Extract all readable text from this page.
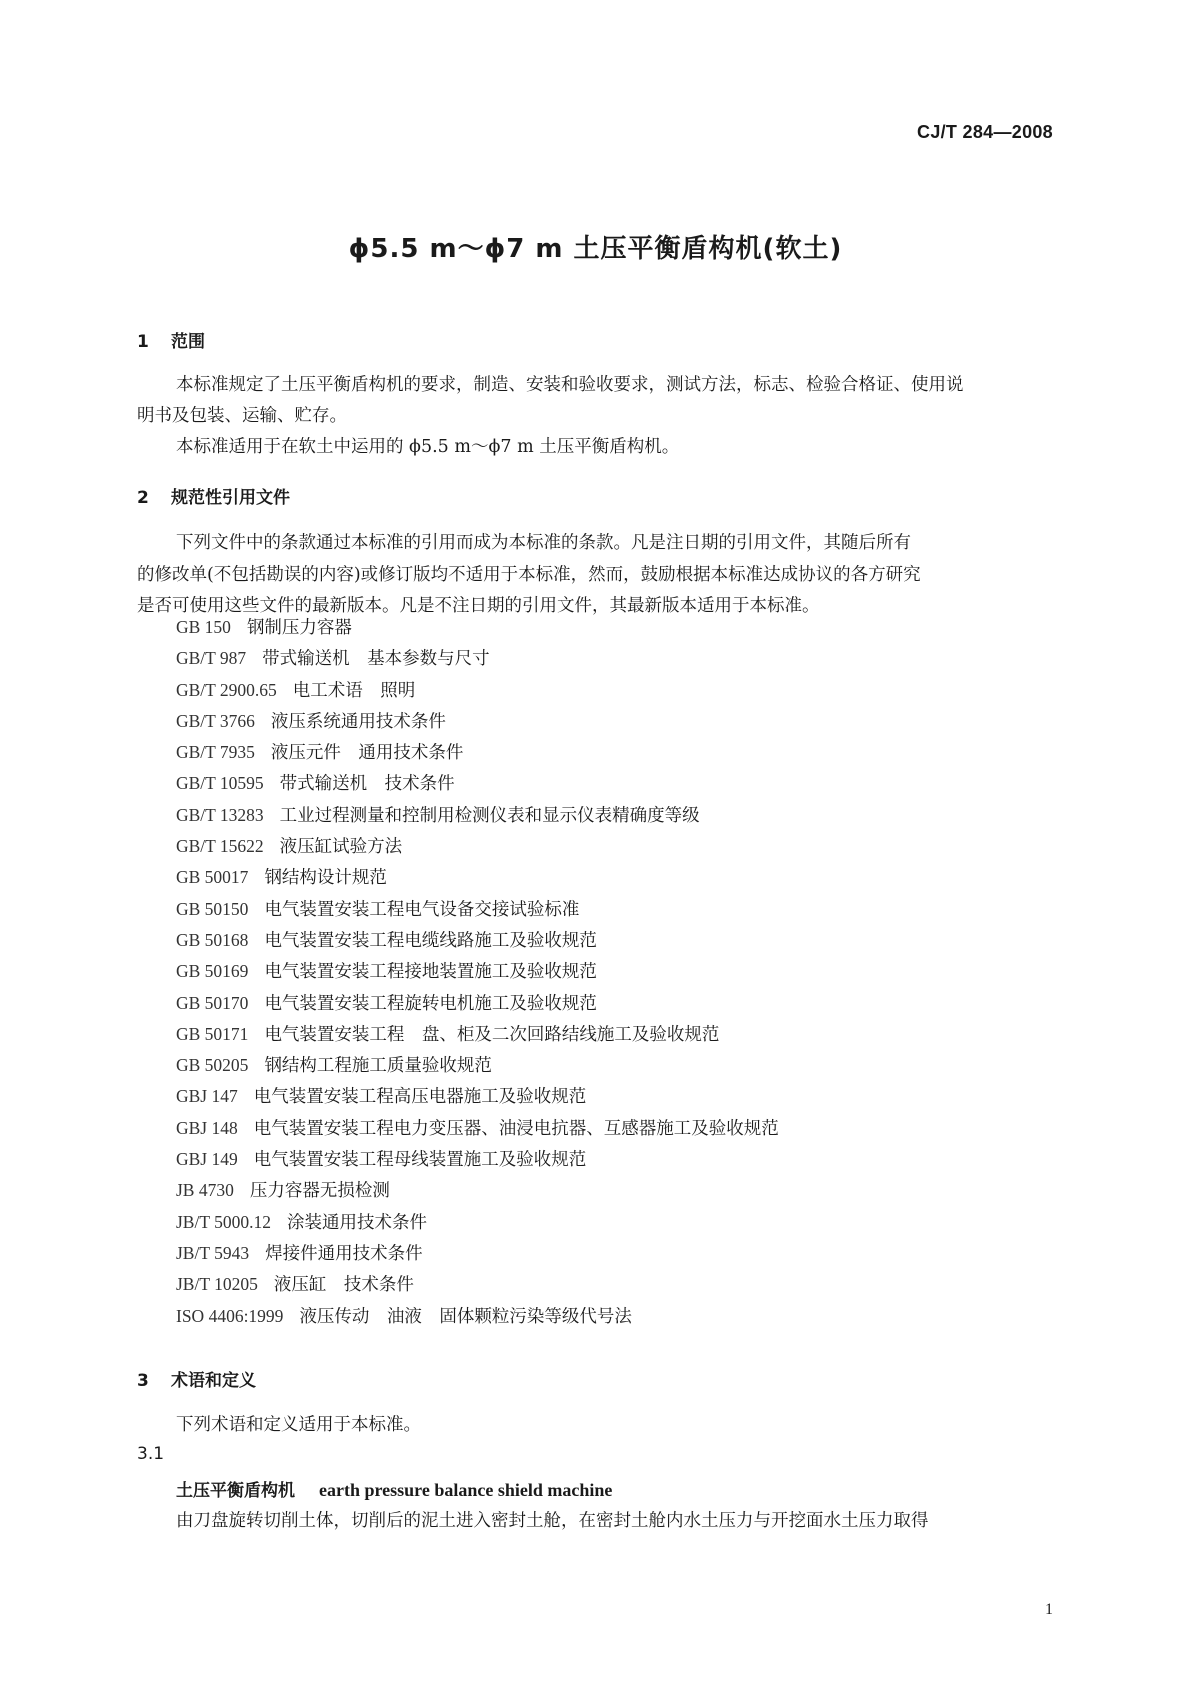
CJ/T 284—2008
ϕ5.5 m～ϕ7 m 土压平衡盾构机(软土)
1 范围
本标准规定了土压平衡盾构机的要求，制造、安装和验收要求，测试方法，标志、检验合格证、使用说
明书及包装、运输、贮存。
本标准适用于在软土中运用的 ϕ5.5 m～ϕ7 m 土压平衡盾构机。
2 规范性引用文件
下列文件中的条款通过本标准的引用而成为本标准的条款。凡是注日期的引用文件，其随后所有
的修改单(不包括勘误的内容)或修订版均不适用于本标准，然而，鼓励根据本标准达成协议的各方研究
是否可使用这些文件的最新版本。凡是不注日期的引用文件，其最新版本适用于本标准。
GB 150 钢制压力容器
GB/T 987 带式输送机　基本参数与尺寸
GB/T 2900.65 电工术语　照明
GB/T 3766 液压系统通用技术条件
GB/T 7935 液压元件　通用技术条件
GB/T 10595 带式输送机　技术条件
GB/T 13283 工业过程测量和控制用检测仪表和显示仪表精确度等级
GB/T 15622 液压缸试验方法
GB 50017 钢结构设计规范
GB 50150 电气装置安装工程电气设备交接试验标准
GB 50168 电气装置安装工程电缆线路施工及验收规范
GB 50169 电气装置安装工程接地装置施工及验收规范
GB 50170 电气装置安装工程旋转电机施工及验收规范
GB 50171 电气装置安装工程　盘、柜及二次回路结线施工及验收规范
GB 50205 钢结构工程施工质量验收规范
GBJ 147 电气装置安装工程高压电器施工及验收规范
GBJ 148 电气装置安装工程电力变压器、油浸电抗器、互感器施工及验收规范
GBJ 149 电气装置安装工程母线装置施工及验收规范
JB 4730 压力容器无损检测
JB/T 5000.12 涂装通用技术条件
JB/T 5943 焊接件通用技术条件
JB/T 10205 液压缸　技术条件
ISO 4406:1999 液压传动　油液　固体颗粒污染等级代号法
3 术语和定义
下列术语和定义适用于本标准。
3.1
土压平衡盾构机 earth pressure balance shield machine
由刀盘旋转切削土体，切削后的泥土进入密封土舱，在密封土舱内水土压力与开挖面水土压力取得
1
